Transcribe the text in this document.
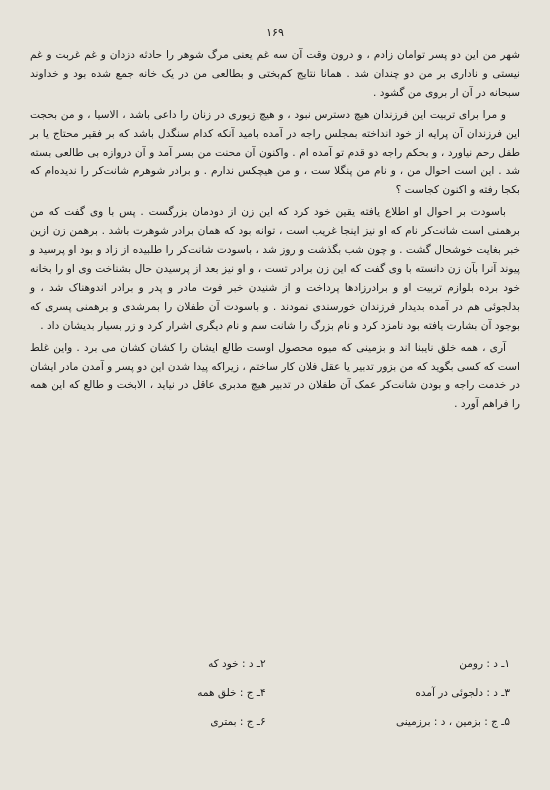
۱۶۹

شهر من این دو پسر توامان زادم ، و درون وقت آن سه غم یعنی مرگ شوهر را حادثه دزدان و غم غربت و غم نیستی و ناداری بر من دو چندان شد . همانا نتایج کم‌بختی و بطالعی من در یک خانه جمع شده بود و خداوند سبحانه در آن ار بروی من گشود .

و مرا برای تربیت این فرزندان هیچ دسترس نبود ، و هیچ زیوری در زنان را داعی باشد ، الاسیا ، و من بحجت این فرزندان آن پرایه از خود انداخته بمجلس راجه در آمده بامید آنکه کدام سنگدل باشد که بر فقیر محتاج یا بر طفل رحم نیاورد ، و بحکم راجه دو قدم تو آمده ام . واکنون آن محنت من بسر آمد و آن دروازه بی طالعی بسته شد . این است احوال من ، و نام من پنگلا ست ، و من هیچکس ندارم . و برادر شوهرم شانت‌کر را ندیده‌ام که بکجا رفته و اکنون کجاست ؟

باسودت بر احوال او اطلاع یافته یقین خود کرد که این زن از دودمان بزرگست . پس با وی گفت که من برهمنی است شانت‌کر نام که او نیز اینجا غریب است ، توانه بود که همان برادر شوهرت باشد . برهمن زن ازین خبر بغایت خوشحال گشت . و چون شب بگذشت و روز شد ، باسودت شانت‌کر را طلبیده از زاد و بود او پرسید و پیوند آنرا بآن زن دانسته با وی گفت که این زن برادر تست ، و او نیز بعد از پرسیدن حال بشناخت وی او را بخانه خود برده بلوازم تربیت او و برادرزادها پرداخت و از شنیدن خبر فوت مادر و پدر و برادر اندوهناک شد ، و بدلجوئی هم در آمده بدیدار فرزندان خورسندی نمودند . و باسودت آن طفلان را بمرشدی و برهمنی پسری که بوجود آن بشارت یافته بود نامزد کرد و نام بزرگ را شانت سم و نام دیگری اشرار کرد و زر بسیار بدیشان داد .

آری ، همه خلق نایبنا اند و بزمینی که میوه محصول اوست طالع ایشان را کشان کشان می برد . واین غلط است که کسی بگوید که من بزور تدبیر یا عقل فلان کار ساختم ، زیراکه پیدا شدن این دو پسر و آمدن مادر ایشان در خدمت راجه و بودن شانت‌کر عمک آن طفلان در تدبیر هیچ مدبری عاقل در نیاید ، الابخت و طالع که این همه را فراهم آورد .

۱ـ د : رومن
۲ـ د : خود که
۳ـ د : دلجوئی در آمده
۴ـ ج : خلق همه
۵ـ ج : بزمین ، د : برزمینی
۶ـ ج : بمتری
